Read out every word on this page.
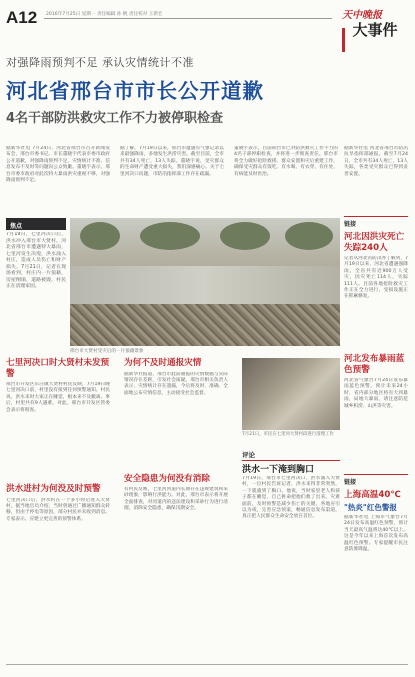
A12 2016年7月25日 星期一 责任编辑 孙 帆 责任校对 王新宏	天中晚报
大事件
对强降雨预判不足 承认灾情统计不准
河北省邢台市市长公开道歉
4名干部防洪救灾工作不力被停职检查
据新华社电 7月24日，河北省邢台市召开新闻发布会，邢台市委书记、市长董晓宇代表市委市政府公开道歉，对强降雨预判不足、灾情统计不准、信息发布不及时等问题向公众致歉。董晓宇表示，邢台市委市政府对此次特大暴雨洪灾重视不够，对强降雨预判不足。
据了解，7月19日以来，邢台市遭遇有气象记录以来最强降雨，多地发生洪涝灾害。截至目前，全市共有34人死亡、13人失踪。董晓宇说，受灾群众的生命财产遭受重大损失，我们深感痛心。关于七里河决口问题，市防汛指挥部工作存在疏漏。
董晓宇表示，目前邢台市已对防洪救灾工作不力的4名干部停职检查，并将进一步彻查责任。邢台市将全力做好抢险救援、群众安置和灾后重建工作，确保受灾群众有饭吃、有水喝、有衣穿、有住处、有病能及时医治。
焦点
7月19日，七里河决口后，洪水冲入邢台市大贤村。河北省邢台市遭遇特大暴雨，七里河发生决堤，洪水涌入村庄，造成人员伤亡和财产损失。7月21日，记者在现场看到，村庄内一片狼藉，房屋倒塌，道路被毁，村民正在清理家园。
邢台市大贤村受灾后的一片狼藉景象
七里河决口时大贤村未发预警
邢台市开发区东汪镇大贤村村民反映，7月19日晚七里河决口前，村里没有接到任何预警通知。村民说，洪水来时大家正在睡觉，根本来不及撤离。事后，村里共有9人遇难。对此，邢台市开发区管委会表示将彻查。
洪水进村为何没及时预警
七里河决口后，洪水约在一个多小时后进入大贤村。据当地官员介绍，当时曾通过广播通知群众转移，但由于停电等原因，部分村民并未收到消息。专家表示，应建立更完善的预警体系。
为何不及时通报灾情
据新华社报道，邢台市此前通报的灾情数据与实际情况存在差距，引发社会质疑。邢台市相关负责人表示，灾情统计存在遗漏，今后将及时、准确、全面地公布灾情信息，主动接受社会监督。
安全隐患为何没有消除
有村民反映，七里河河道内长期存在违规建筑和采砂现象，影响行洪能力。对此，邢台市表示将开展全面排查，对河道内的违法建设和采砂行为进行清理，消除安全隐患，确保汛期安全。
7月21日，市民在七里河大贤村段进行清理工作
评论
洪水一下淹到胸口
7月19日，邢台市七里河决口，洪水涌入大贤村，一位村民告诉记者，洪水来得非常突然，一下就淹到了胸口。他说，当时家里老人和孩子都在睡觉，自己拼命把他们救了出来。灾难面前，及时预警是减少伤亡的关键，各地应引以为戒，完善应急预案，畅通信息发布渠道，真正把人民群众生命安全放在首位。
据新华社电 河北省邢台市防汛抗旱指挥部通报，截至7月24日，全市共有34人死亡，13人失踪，各类受灾群众已得到妥善安置。
链接
河北因洪灾死亡失踪240人
记者从河北省防汛办了解到，7月19日以来，河北省遭遇强降雨，全省共有近900万人受灾，因灾死亡114人，失踪111人。目前各地抢险救灾工作正在全力进行，受损设施正在抓紧修复。
河北发布暴雨蓝色预警
河北省气象台7月24日发布暴雨蓝色预警，预计未来24小时，省内部分地区将有大到暴雨，局地大暴雨，请注意防范城乡积涝、山洪等灾害。
链接
上海高温40℃
"热炎"红色警报
据新华社电 上海市气象台7月24日发布高温红色预警，预计当天最高气温将达40℃以上。这是今年以来上海首次发布高温红色预警。专家提醒市民注意防暑降温。
